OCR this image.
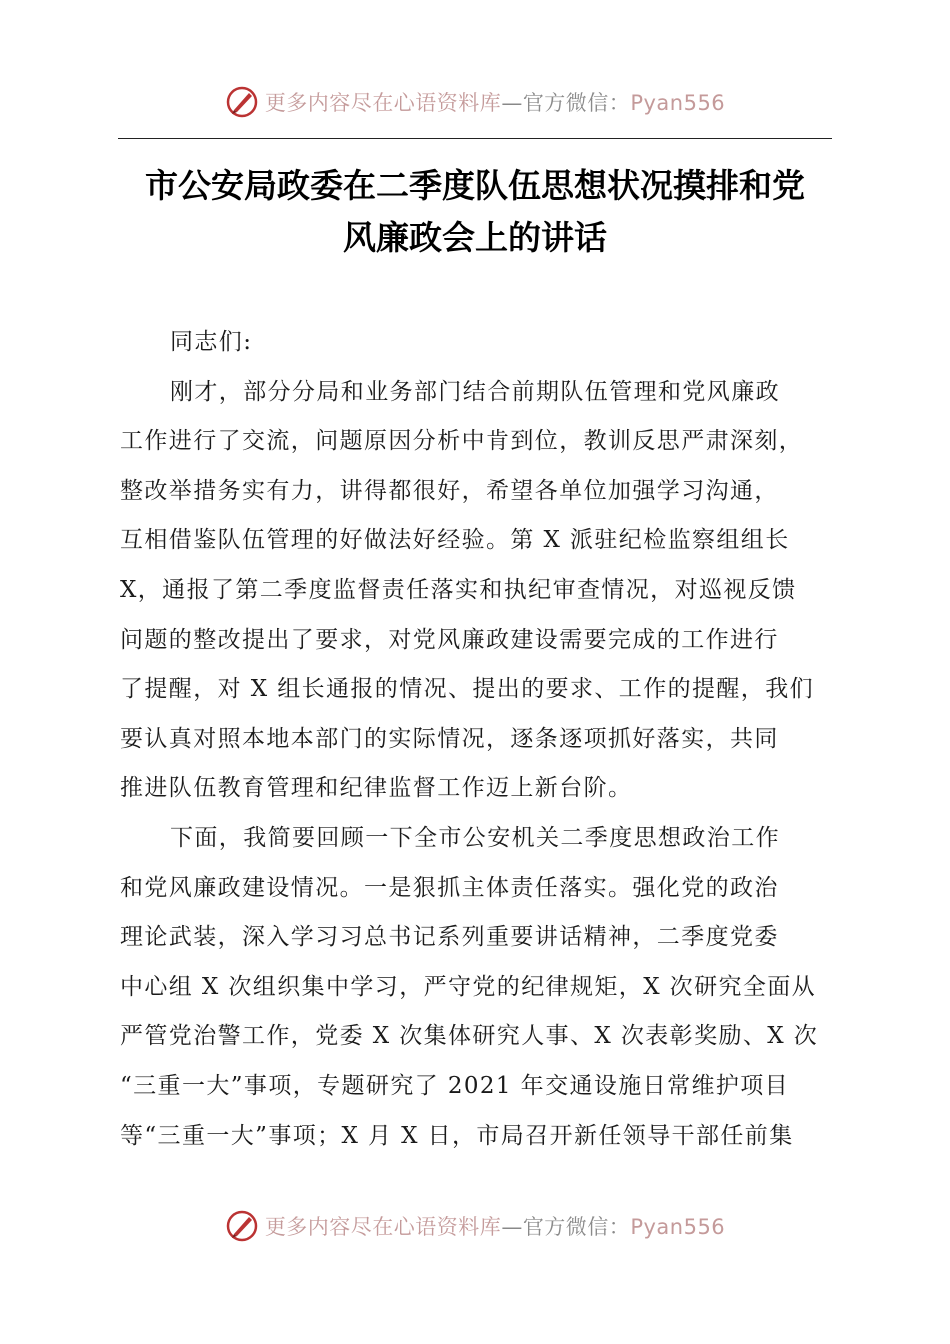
更多内容尽在心语资料库—官方微信：Pyan556
市公安局政委在二季度队伍思想状况摸排和党
风廉政会上的讲话
同志们:
刚才，部分分局和业务部门结合前期队伍管理和党风廉政
工作进行了交流，问题原因分析中肯到位，教训反思严肃深刻，
整改举措务实有力，讲得都很好，希望各单位加强学习沟通，
互相借鉴队伍管理的好做法好经验。第 X 派驻纪检监察组组长
X，通报了第二季度监督责任落实和执纪审查情况，对巡视反馈
问题的整改提出了要求，对党风廉政建设需要完成的工作进行
了提醒，对 X 组长通报的情况、提出的要求、工作的提醒，我们
要认真对照本地本部门的实际情况，逐条逐项抓好落实，共同
推进队伍教育管理和纪律监督工作迈上新台阶。
下面，我简要回顾一下全市公安机关二季度思想政治工作
和党风廉政建设情况。一是狠抓主体责任落实。强化党的政治
理论武装，深入学习习总书记系列重要讲话精神，二季度党委
中心组 X 次组织集中学习，严守党的纪律规矩，X 次研究全面从
严管党治警工作，党委 X 次集体研究人事、X 次表彰奖励、X 次
“三重一大”事项，专题研究了 2021 年交通设施日常维护项目
等“三重一大”事项；X 月 X 日，市局召开新任领导干部任前集
更多内容尽在心语资料库—官方微信：Pyan556
